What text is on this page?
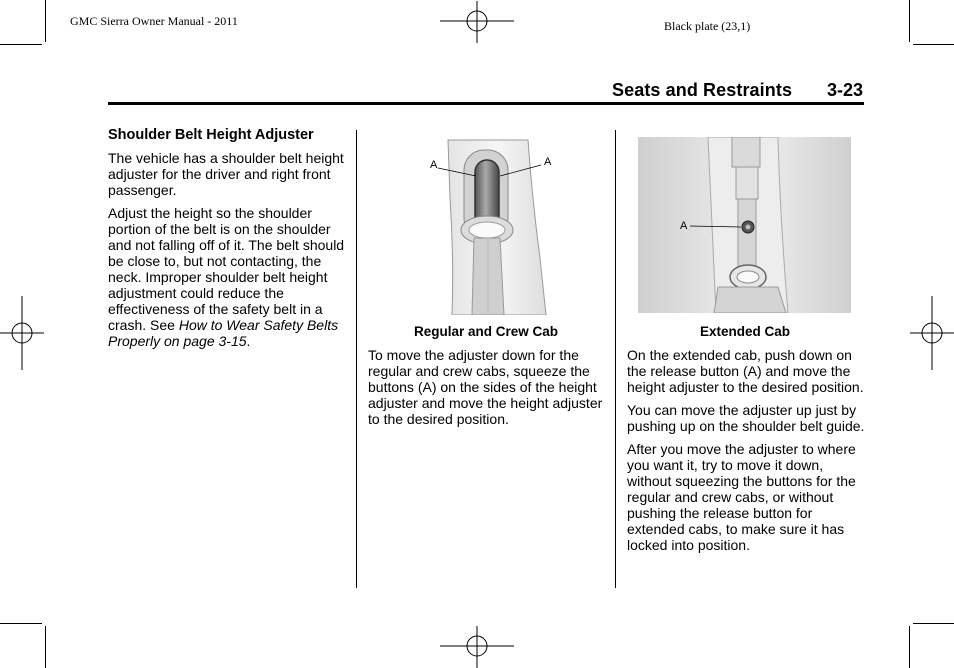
GMC Sierra Owner Manual - 2011	Black plate (23,1)
Seats and Restraints 3-23
Shoulder Belt Height Adjuster

The vehicle has a shoulder belt height adjuster for the driver and right front passenger.

Adjust the height so the shoulder portion of the belt is on the shoulder and not falling off of it. The belt should be close to, but not contacting, the neck. Improper shoulder belt height adjustment could reduce the effectiveness of the safety belt in a crash. See How to Wear Safety Belts Properly on page 3-15.

A	A
Regular and Crew Cab

To move the adjuster down for the regular and crew cabs, squeeze the buttons (A) on the sides of the height adjuster and move the height adjuster to the desired position.

A
Extended Cab

On the extended cab, push down on the release button (A) and move the height adjuster to the desired position.

You can move the adjuster up just by pushing up on the shoulder belt guide.

After you move the adjuster to where you want it, try to move it down, without squeezing the buttons for the regular and crew cabs, or without pushing the release button for extended cabs, to make sure it has locked into position.
